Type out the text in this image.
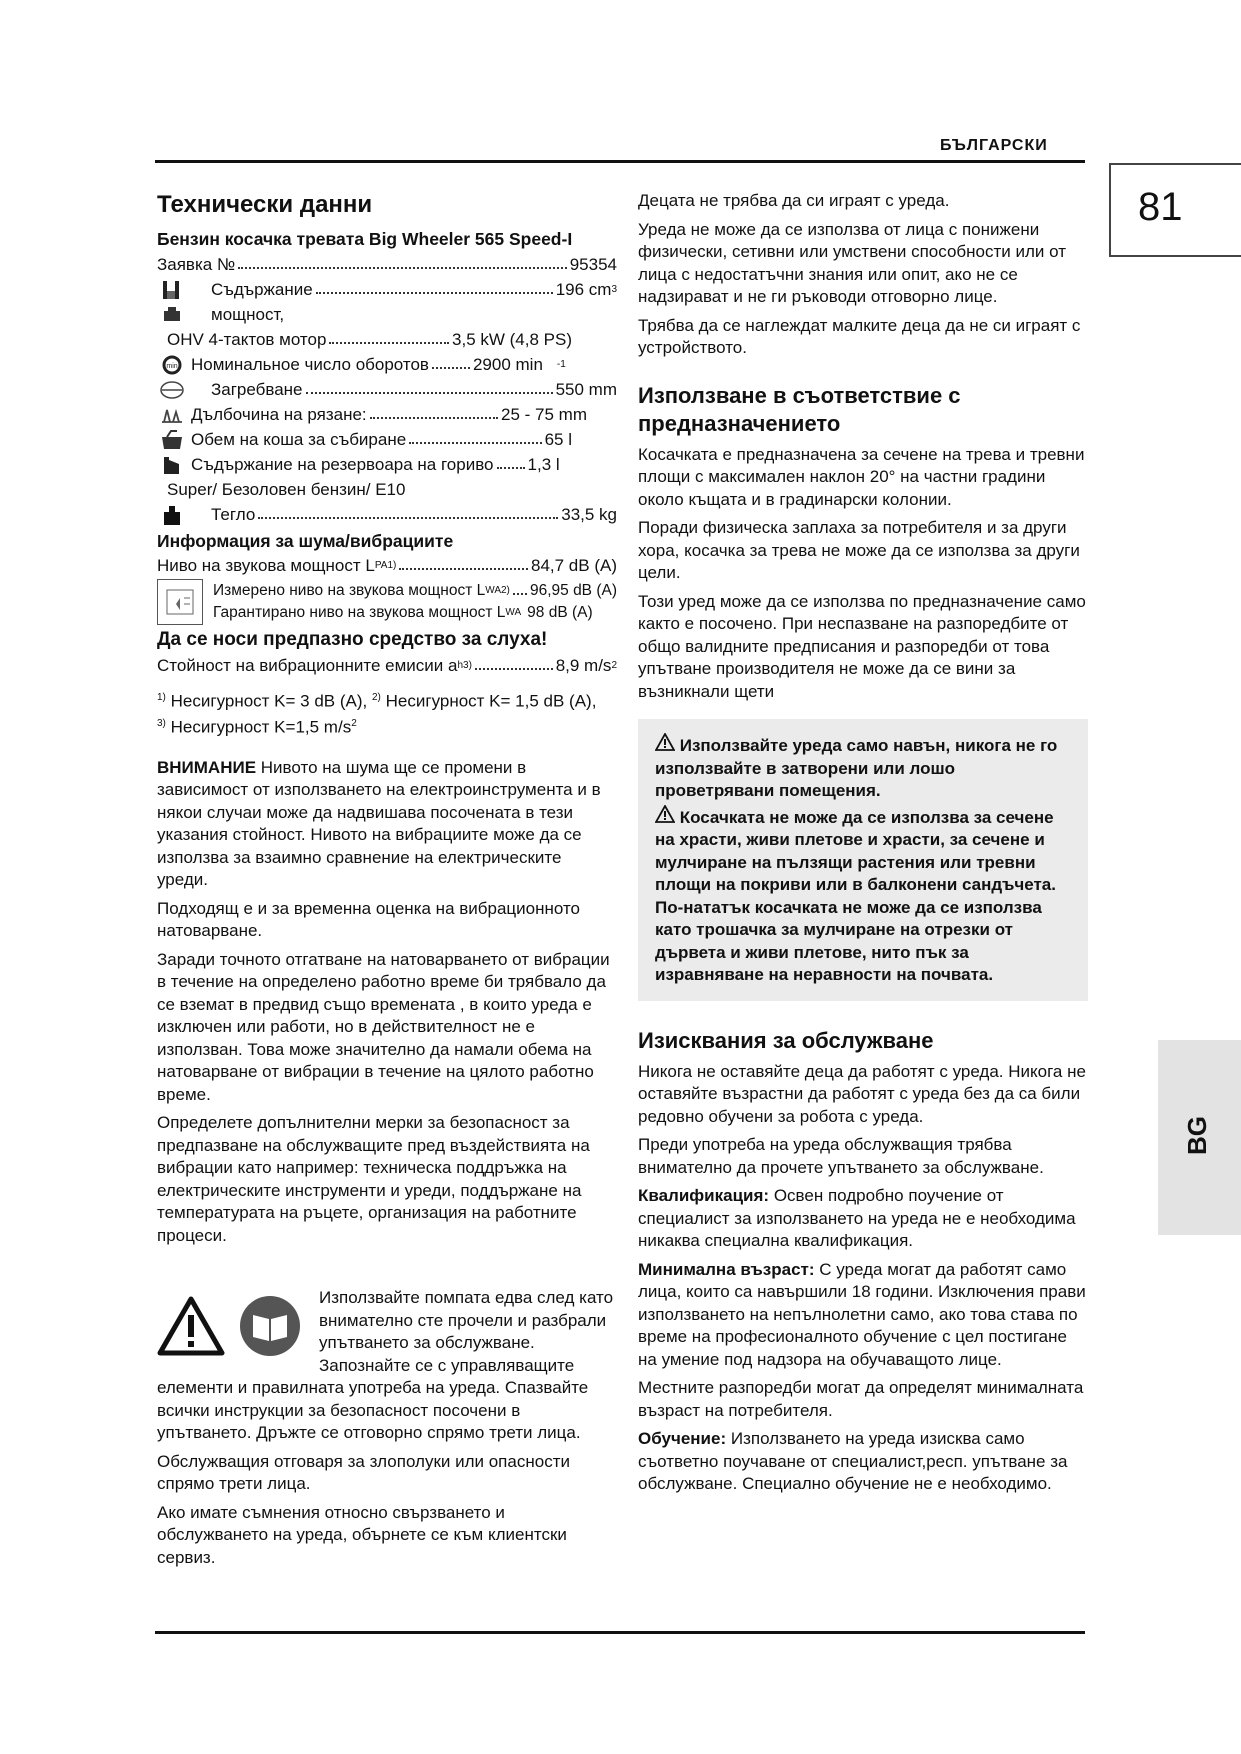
БЪЛГАРСКИ
81
BG
Технически данни
Бензин косачка тревата Big Wheeler 565 Speed-I
Заявка №	95354
Съдържание	196 cm 3
мощност,
OHV 4-тактов мотор	3,5 kW (4,8 PS)
min Номинальное число оборотов	2900 min -1
Загребване	550 mm
Дълбочина на рязане:	25 - 75 mm
Обем на коша за събиране	65 l
Съдържание на резервоара на гориво 1,3 l
Super/ Безоловен бензин/ E10
Тегло	33,5 kg
Информация за шума/вибрациите
Ниво на звукова мощност L PA 1)	84,7 dB (A)
Измерено ниво на звукова мощност L WA 2) 96,95 dB (A)
Гарантирано ниво на звукова мощност L WA 98 dB (A)
Да се носи предпазно средство за слуха!
Стойност на вибрационните емисии a h 3)	8,9 m/s 2

$^{1)}$ Несигурност K= 3 dB (A), $^{2)}$ Несигурност K= 1,5 dB (A),
$^{3)}$ Несигурност K=1,5 $m/s^2$

ВНИМАНИЕ Нивото на шума ще се промени в зависимост от използването на електроинструмента и в някои случаи може да надвишава посочената в тези указания стойност. Нивото на вибрациите може да се използва за взаимно сравнение на електрическите уреди.

Подходящ е и за временна оценка на вибрационното натоварване.

Заради точното отгатване на натоварването от вибрации в течение на определено работно време би трябвало да се вземат в предвид също времената , в които уреда е изключен или работи, но в действителност не е използван. Това може значително да намали обема на натоварване от вибрации в течение на цялото работно време.

Определете допълнителни мерки за безопасност за предпазване на обслужващите пред въздействията на вибрации като например: техническа поддръжка на електрическите инструменти и уреди, поддържане на температурата на ръцете, организация на работните процеси.

Използвайте помпата едва след като внимателно сте прочели и разбрали упътването за обслужване. Запознайте се с управляващите елементи и правилната употреба на уреда. Спазвайте всички инструкции за безопасност посочени в упътването. Дръжте се отговорно спрямо трети лица.

Обслужващия отговаря за злополуки или опасности спрямо трети лица.

Ако имате съмнения относно свързването и обслужването на уреда, обърнете се към клиентски сервиз.

Децата не трябва да си играят с уреда.

Уреда не може да се използва от лица с понижени физически, сетивни или умствени способности или от лица с недостатъчни знания или опит, ако не се надзирават и не ги ръководи отговорно лице.

Трябва да се наглеждат малките деца да не си играят с устройството.

Използване в съответствие с предназначението

Косачката е предназначена за сечене на трева и тревни площи с максимален наклон 20° на частни градини около къщата и в градинарски колонии.

Поради физическа заплаха за потребителя и за други хора, косачка за трева не може да се използва за други цели.

Този уред може да се използва по предназначение само както е посочено. При неспазване на разпоредбите от общо валидните предписания и разпоредби от това упътване производителя не може да се вини за възникнали щети

Използвайте уреда само навън, никога не го използвайте в затворени или лошо проветрявани помещения.

Косачката не може да се използва за сечене на храсти, живи плетове и храсти, за сечене и мулчиране на пълзящи растения или тревни площи на покриви или в балконени сандъчета. По-нататък косачката не може да се използва като трошачка за мулчиране на отрезки от дървета и живи плетове, нито пък за изравняване на неравности на почвата.

Изисквания за обслужване

Никога не оставяйте деца да работят с уреда. Никога не оставяйте възрастни да работят с уреда без да са били редовно обучени за робота с уреда.

Преди употреба на уреда обслужващия трябва внимателно да прочете упътването за обслужване.

Квалификация: Освен подробно поучение от специалист за използването на уреда не е необходима никаква специална квалификация.

Минимална възраст: С уреда могат да работят само лица, които са навършили 18 години. Изключения прави използването на непълнолетни само, ако това става по време на професионалното обучение с цел постигане на умение под надзора на обучаващото лице.

Местните разпоредби могат да определят минималната възраст на потребителя.

Обучение: Използването на уреда изисква само съответно поучаване от специалист,респ. упътване за обслужване. Специално обучение не е необходимо.
